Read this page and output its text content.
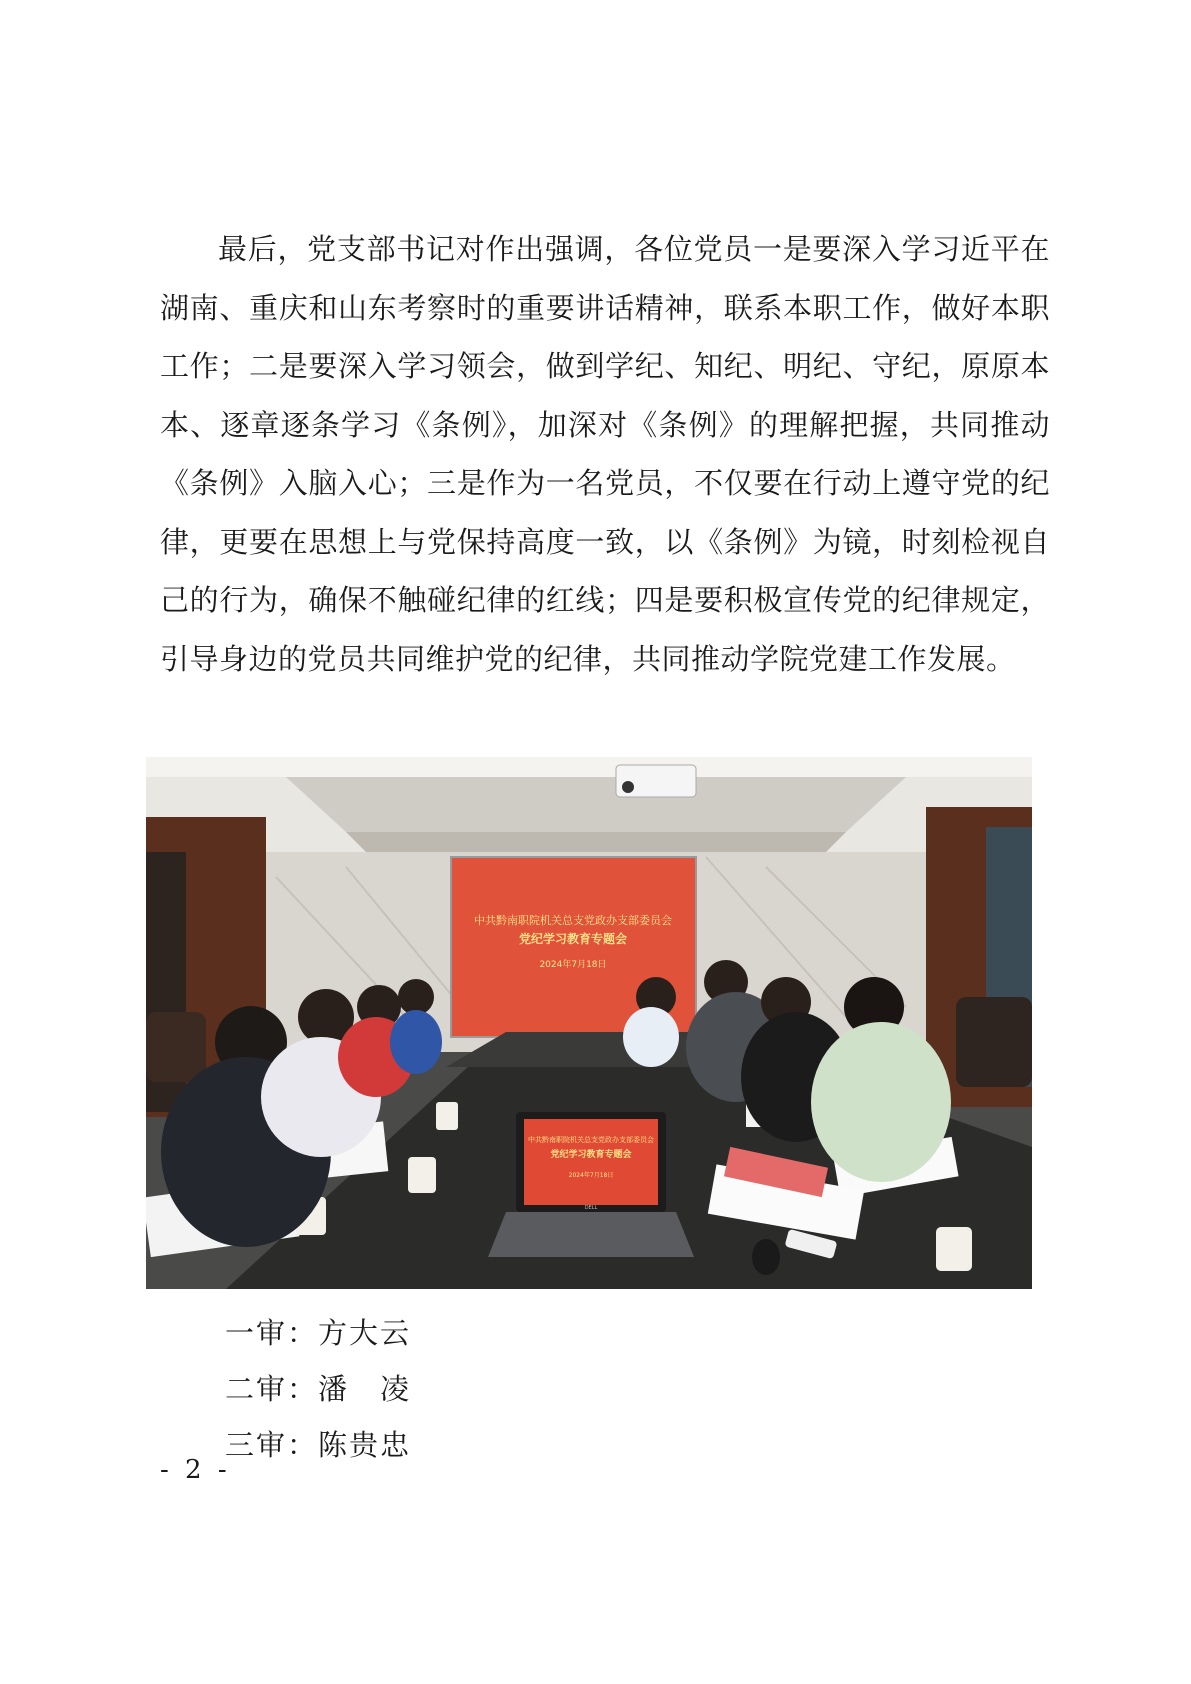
最后，党支部书记对作出强调，各位党员一是要深入学习近平在湖南、重庆和山东考察时的重要讲话精神，联系本职工作，做好本职工作；二是要深入学习领会，做到学纪、知纪、明纪、守纪，原原本本、逐章逐条学习《条例》，加深对《条例》的理解把握，共同推动《条例》入脑入心；三是作为一名党员，不仅要在行动上遵守党的纪律，更要在思想上与党保持高度一致，以《条例》为镜，时刻检视自己的行为，确保不触碰纪律的红线；四是要积极宣传党的纪律规定，引导身边的党员共同维护党的纪律，共同推动学院党建工作发展。

中共黔南职院机关总支党政办支部委员会
党纪学习教育专题会
2024年7月18日
中共黔南职院机关总支党政办支部委员会
党纪学习教育专题会
2024年7月18日
DELL
一审： 方大云
二审： 潘　凌
三审： 陈贵忠
- 2 -
